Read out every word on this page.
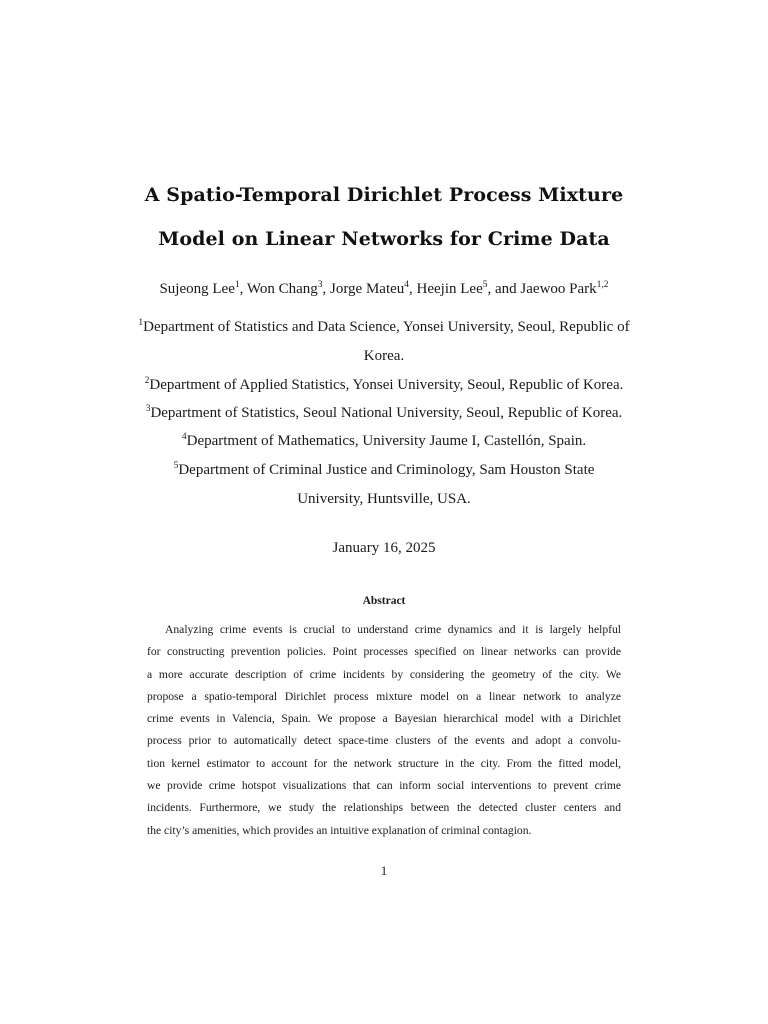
A Spatio-Temporal Dirichlet Process Mixture
Model on Linear Networks for Crime Data
Sujeong Lee$^1$, Won Chang$^3$, Jorge Mateu$^4$, Heejin Lee$^5$, and Jaewoo Park$^{1,2}$
$^1$Department of Statistics and Data Science, Yonsei University, Seoul, Republic of
Korea.
$^2$Department of Applied Statistics, Yonsei University, Seoul, Republic of Korea.
$^3$Department of Statistics, Seoul National University, Seoul, Republic of Korea.
$^4$Department of Mathematics, University Jaume I, Castellón, Spain.
$^5$Department of Criminal Justice and Criminology, Sam Houston State
University, Huntsville, USA.
January 16, 2025
Abstract
Analyzing crime events is crucial to understand crime dynamics and it is largely helpful
for constructing prevention policies. Point processes specified on linear networks can provide
a more accurate description of crime incidents by considering the geometry of the city. We
propose a spatio-temporal Dirichlet process mixture model on a linear network to analyze
crime events in Valencia, Spain. We propose a Bayesian hierarchical model with a Dirichlet
process prior to automatically detect space-time clusters of the events and adopt a convolu-
tion kernel estimator to account for the network structure in the city. From the fitted model,
we provide crime hotspot visualizations that can inform social interventions to prevent crime
incidents. Furthermore, we study the relationships between the detected cluster centers and
the city’s amenities, which provides an intuitive explanation of criminal contagion.
1
